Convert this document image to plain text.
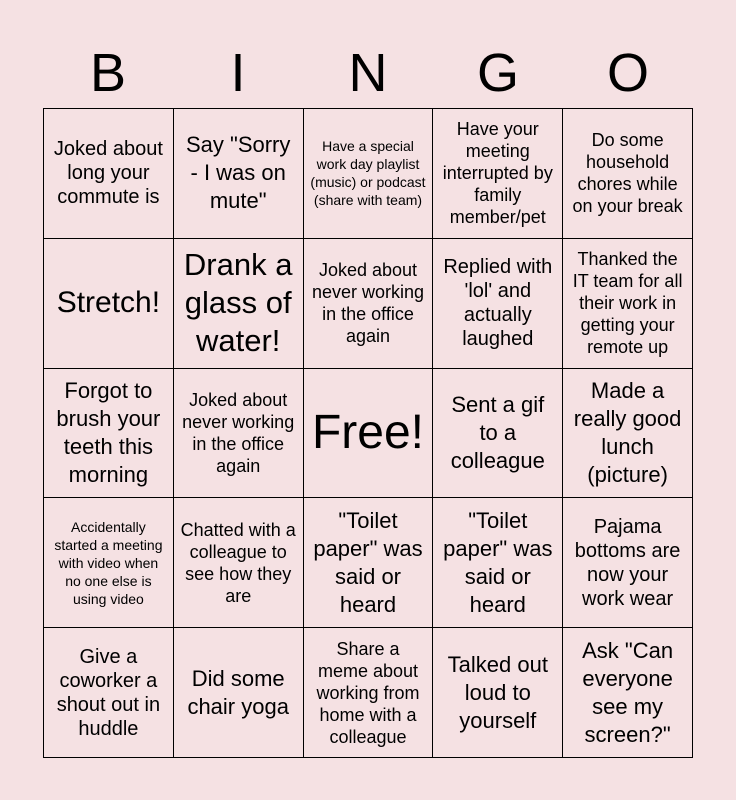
B	I	N	G	O
Joked about long your commute is
Say "Sorry - I was on mute"
Have a special work day playlist (music) or podcast (share with team)
Have your meeting interrupted by family member/pet
Do some household chores while on your break
Stretch!
Drank a glass of water!
Joked about never working in the office again
Replied with 'lol' and actually laughed
Thanked the IT team for all their work in getting your remote up
Forgot to brush your teeth this morning
Joked about never working in the office again
Free!
Sent a gif to a colleague
Made a really good lunch (picture)
Accidentally started a meeting with video when no one else is using video
Chatted with a colleague to see how they are
"Toilet paper" was said or heard
"Toilet paper" was said or heard
Pajama bottoms are now your work wear
Give a coworker a shout out in huddle
Did some chair yoga
Share a meme about working from home with a colleague
Talked out loud to yourself
Ask "Can everyone see my screen?"
